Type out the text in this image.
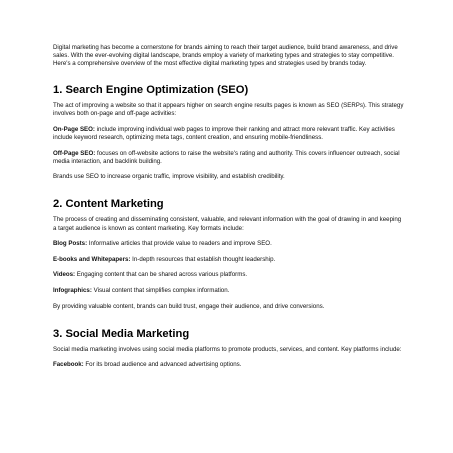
Digital marketing has become a cornerstone for brands aiming to reach their target audience, build brand awareness, and drive sales. With the ever-evolving digital landscape, brands employ a variety of marketing types and strategies to stay competitive. Here's a comprehensive overview of the most effective digital marketing types and strategies used by brands today.

1. Search Engine Optimization (SEO)

The act of improving a website so that it appears higher on search engine results pages is known as SEO (SERPs). This strategy involves both on-page and off-page activities:

On-Page SEO: include improving individual web pages to improve their ranking and attract more relevant traffic. Key activities include keyword research, optimizing meta tags, content creation, and ensuring mobile-friendliness.

Off-Page SEO: focuses on off-website actions to raise the website's rating and authority. This covers influencer outreach, social media interaction, and backlink building.

Brands use SEO to increase organic traffic, improve visibility, and establish credibility.

2. Content Marketing

The process of creating and disseminating consistent, valuable, and relevant information with the goal of drawing in and keeping a target audience is known as content marketing. Key formats include:

Blog Posts: Informative articles that provide value to readers and improve SEO.

E-books and Whitepapers: In-depth resources that establish thought leadership.

Videos: Engaging content that can be shared across various platforms.

Infographics: Visual content that simplifies complex information.

By providing valuable content, brands can build trust, engage their audience, and drive conversions.

3. Social Media Marketing

Social media marketing involves using social media platforms to promote products, services, and content. Key platforms include:

Facebook: For its broad audience and advanced advertising options.
